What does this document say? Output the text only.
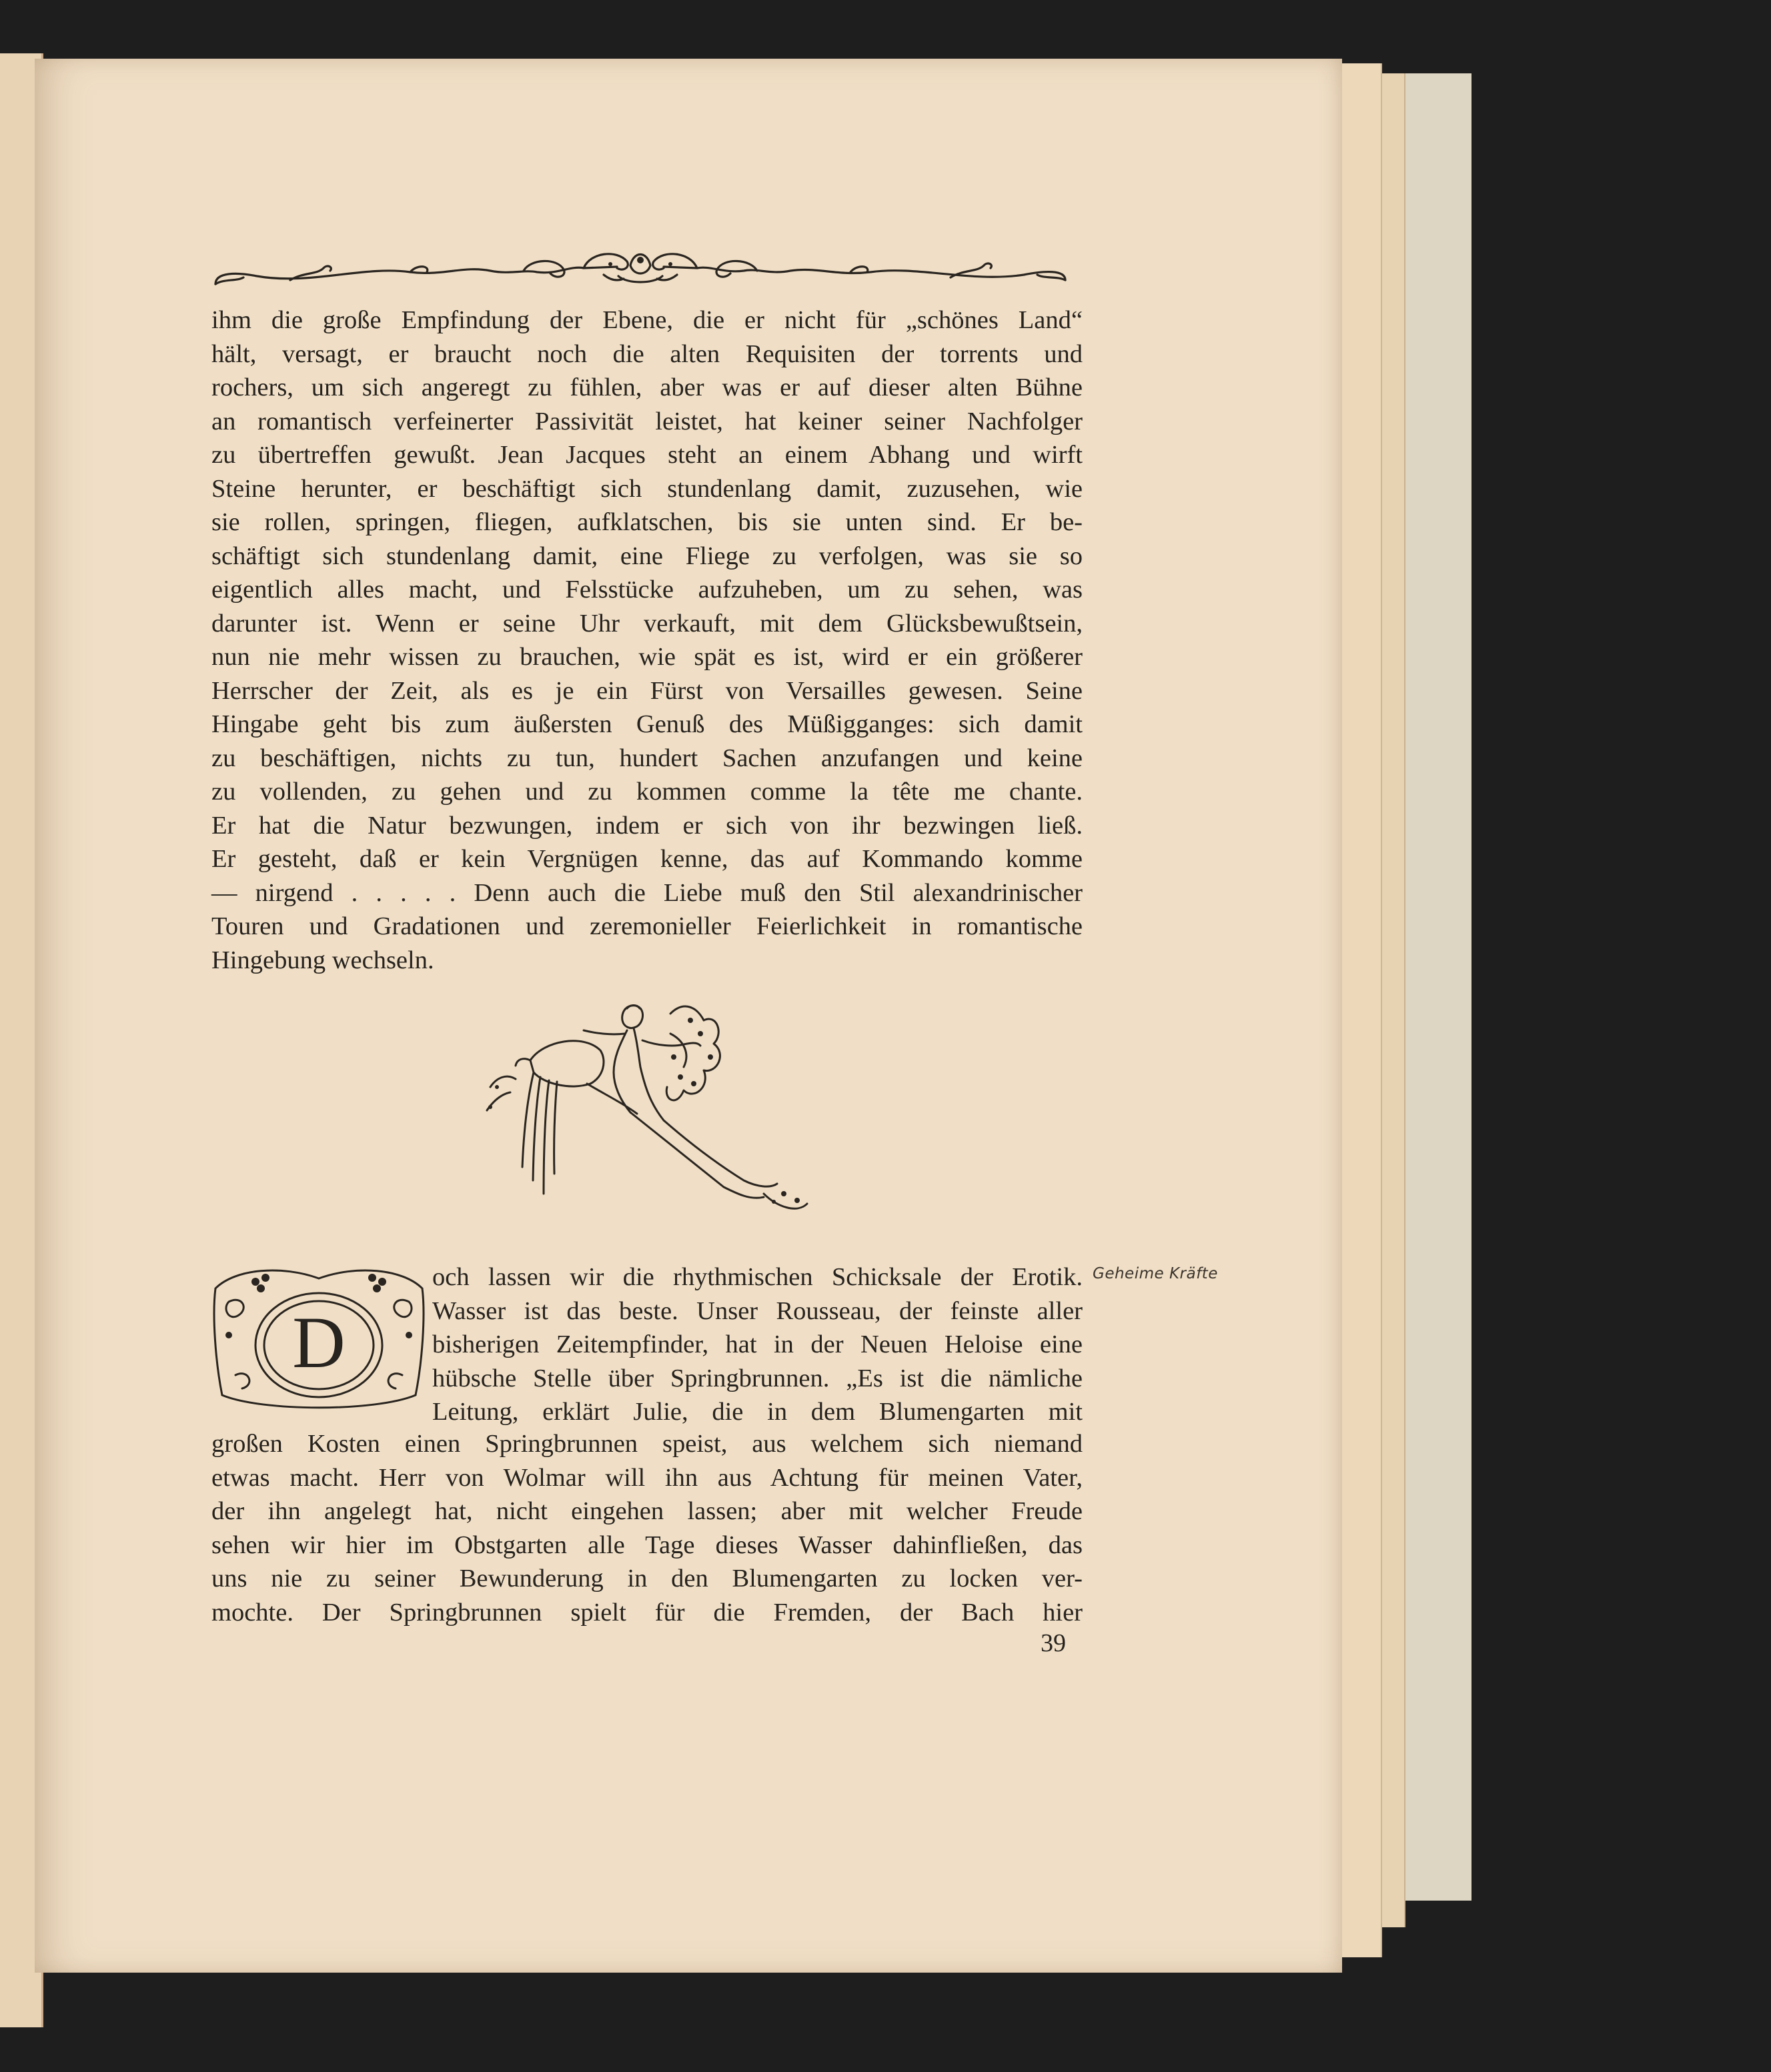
ihm die große Empfindung der Ebene, die er nicht für „schönes Land“
hält, versagt, er braucht noch die alten Requisiten der torrents und
rochers, um sich angeregt zu fühlen, aber was er auf dieser alten Bühne
an romantisch verfeinerter Passivität leistet, hat keiner seiner Nachfolger
zu übertreffen gewußt. Jean Jacques steht an einem Abhang und wirft
Steine herunter, er beschäftigt sich stundenlang damit, zuzusehen, wie
sie rollen, springen, fliegen, aufklatschen, bis sie unten sind. Er be-
schäftigt sich stundenlang damit, eine Fliege zu verfolgen, was sie so
eigentlich alles macht, und Felsstücke aufzuheben, um zu sehen, was
darunter ist. Wenn er seine Uhr verkauft, mit dem Glücksbewußtsein,
nun nie mehr wissen zu brauchen, wie spät es ist, wird er ein größerer
Herrscher der Zeit, als es je ein Fürst von Versailles gewesen. Seine
Hingabe geht bis zum äußersten Genuß des Müßigganges: sich damit
zu beschäftigen, nichts zu tun, hundert Sachen anzufangen und keine
zu vollenden, zu gehen und zu kommen comme la tête me chante.
Er hat die Natur bezwungen, indem er sich von ihr bezwingen ließ.
Er gesteht, daß er kein Vergnügen kenne, das auf Kommando komme
— nirgend . . . . . Denn auch die Liebe muß den Stil alexandrinischer
Touren und Gradationen und zeremonieller Feierlichkeit in romantische
Hingebung wechseln.

D

och lassen wir die rhythmischen Schicksale der Erotik.
Wasser ist das beste. Unser Rousseau, der feinste aller
bisherigen Zeitempfinder, hat in der Neuen Heloise eine
hübsche Stelle über Springbrunnen. „Es ist die nämliche
Leitung, erklärt Julie, die in dem Blumengarten mit

großen Kosten einen Springbrunnen speist, aus welchem sich niemand
etwas macht. Herr von Wolmar will ihn aus Achtung für meinen Vater,
der ihn angelegt hat, nicht eingehen lassen; aber mit welcher Freude
sehen wir hier im Obstgarten alle Tage dieses Wasser dahinfließen, das
uns nie zu seiner Bewunderung in den Blumengarten zu locken ver-
mochte. Der Springbrunnen spielt für die Fremden, der Bach hier

Geheime Kräfte
39
